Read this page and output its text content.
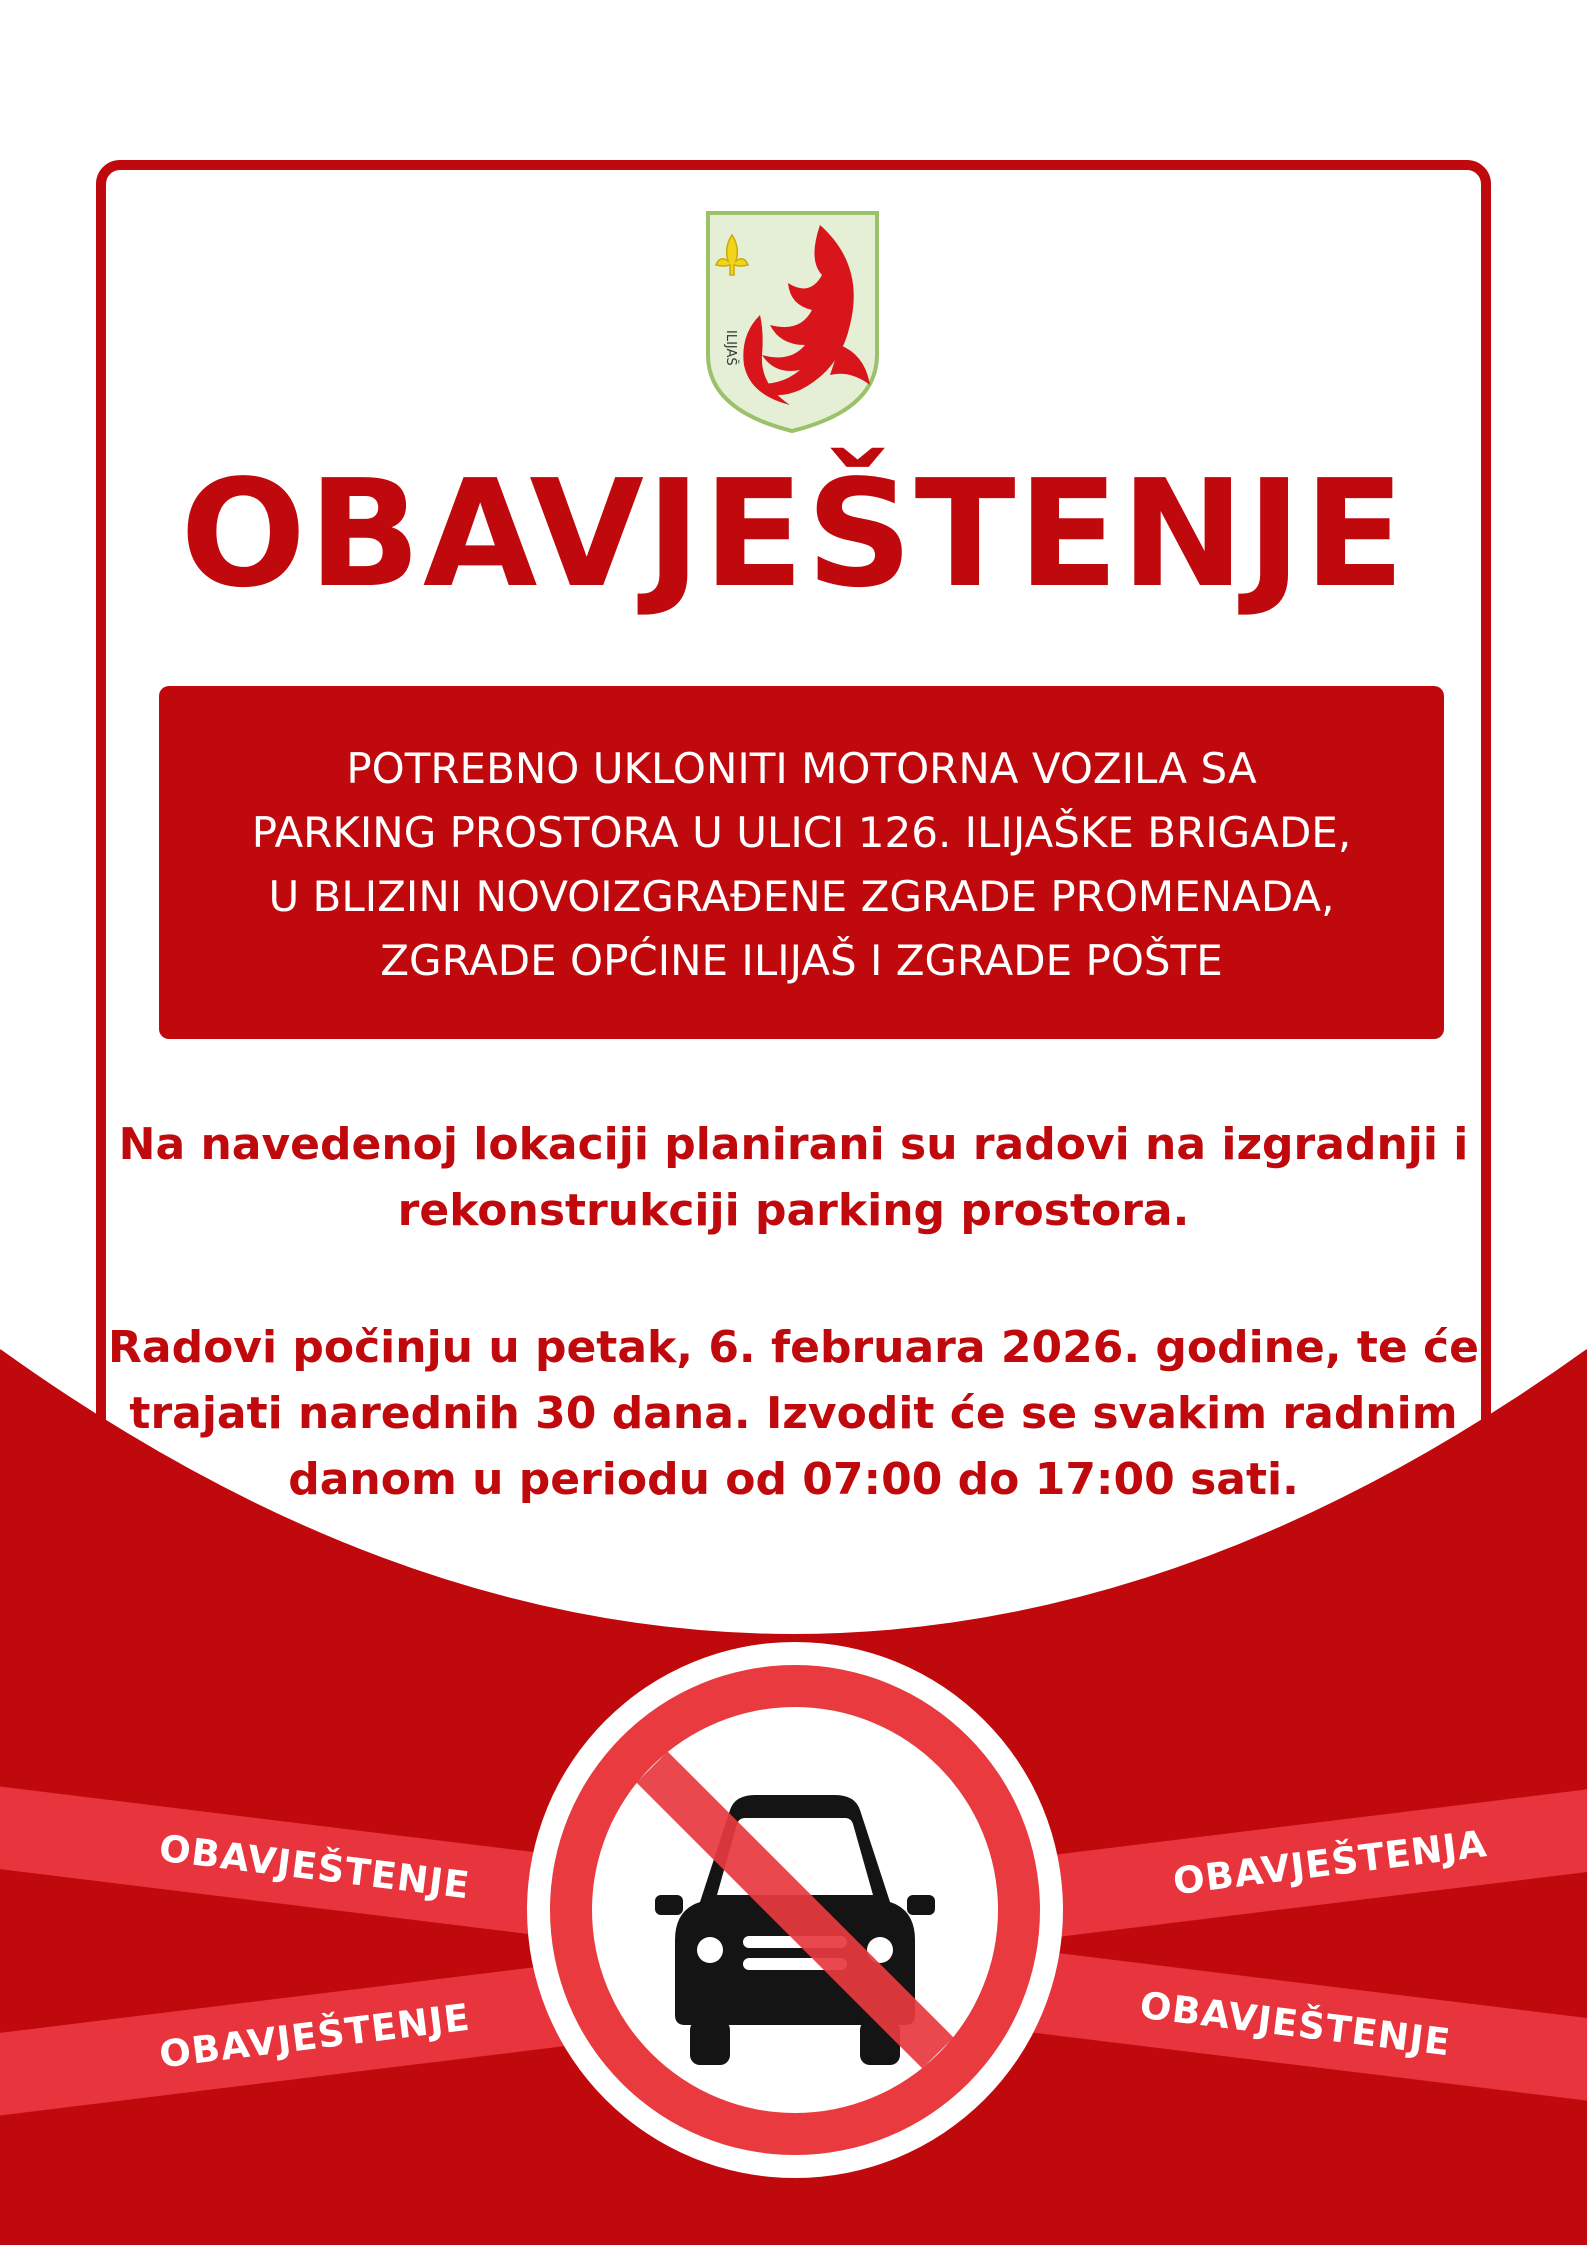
ILIJAŠ
OBAVJEŠTENJE
POTREBNO UKLONITI MOTORNA VOZILA SA
PARKING PROSTORA U ULICI 126. ILIJAŠKE BRIGADE,
U BLIZINI NOVOIZGRAĐENE ZGRADE PROMENADA,
ZGRADE OPĆINE ILIJAŠ I ZGRADE POŠTE
Na navedenoj lokaciji planirani su radovi na izgradnji i
rekonstrukciji parking prostora.
Radovi počinju u petak, 6. februara 2026. godine, te će
trajati narednih 30 dana. Izvodit će se svakim radnim
danom u periodu od 07:00 do 17:00 sati.
OBAVJEŠTENJE
OBAVJEŠTENJE
OBAVJEŠTENJA
OBAVJEŠTENJE
